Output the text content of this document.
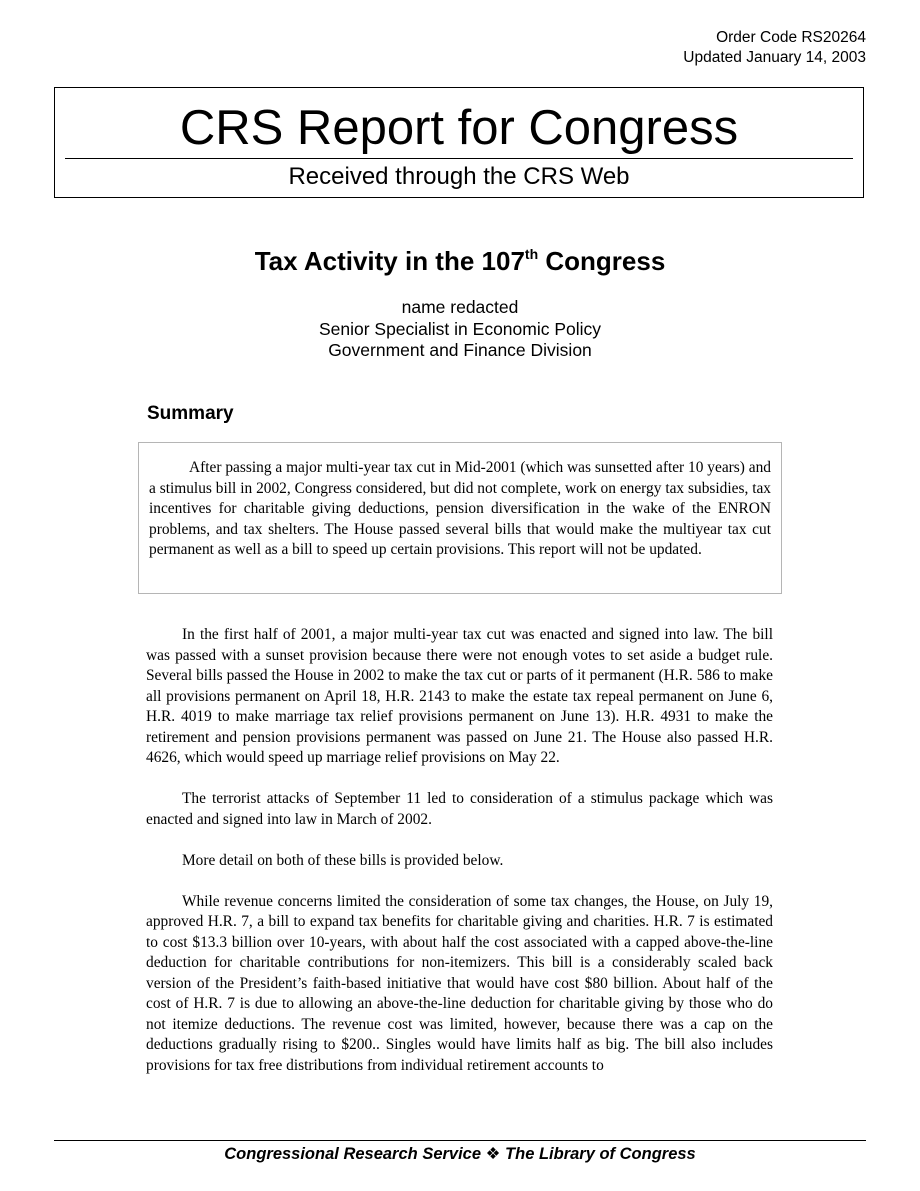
Order Code RS20264
Updated January 14, 2003
CRS Report for Congress
Received through the CRS Web
Tax Activity in the 107th Congress
name redacted
Senior Specialist in Economic Policy
Government and Finance Division
Summary

After passing a major multi-year tax cut in Mid-2001 (which was sunsetted after 10 years) and a stimulus bill in 2002, Congress considered, but did not complete, work on energy tax subsidies, tax incentives for charitable giving deductions, pension diversification in the wake of the ENRON problems, and tax shelters. The House passed several bills that would make the multiyear tax cut permanent as well as a bill to speed up certain provisions. This report will not be updated.

In the first half of 2001, a major multi-year tax cut was enacted and signed into law. The bill was passed with a sunset provision because there were not enough votes to set aside a budget rule. Several bills passed the House in 2002 to make the tax cut or parts of it permanent (H.R. 586 to make all provisions permanent on April 18, H.R. 2143 to make the estate tax repeal permanent on June 6, H.R. 4019 to make marriage tax relief provisions permanent on June 13). H.R. 4931 to make the retirement and pension provisions permanent was passed on June 21. The House also passed H.R. 4626, which would speed up marriage relief provisions on May 22.

The terrorist attacks of September 11 led to consideration of a stimulus package which was enacted and signed into law in March of 2002.

More detail on both of these bills is provided below.

While revenue concerns limited the consideration of some tax changes, the House, on July 19, approved H.R. 7, a bill to expand tax benefits for charitable giving and charities. H.R. 7 is estimated to cost $13.3 billion over 10-years, with about half the cost associated with a capped above-the-line deduction for charitable contributions for non-itemizers. This bill is a considerably scaled back version of the President’s faith-based initiative that would have cost $80 billion. About half of the cost of H.R. 7 is due to allowing an above-the-line deduction for charitable giving by those who do not itemize deductions. The revenue cost was limited, however, because there was a cap on the deductions gradually rising to $200.. Singles would have limits half as big. The bill also includes provisions for tax free distributions from individual retirement accounts to

Congressional Research Service ❖ The Library of Congress
